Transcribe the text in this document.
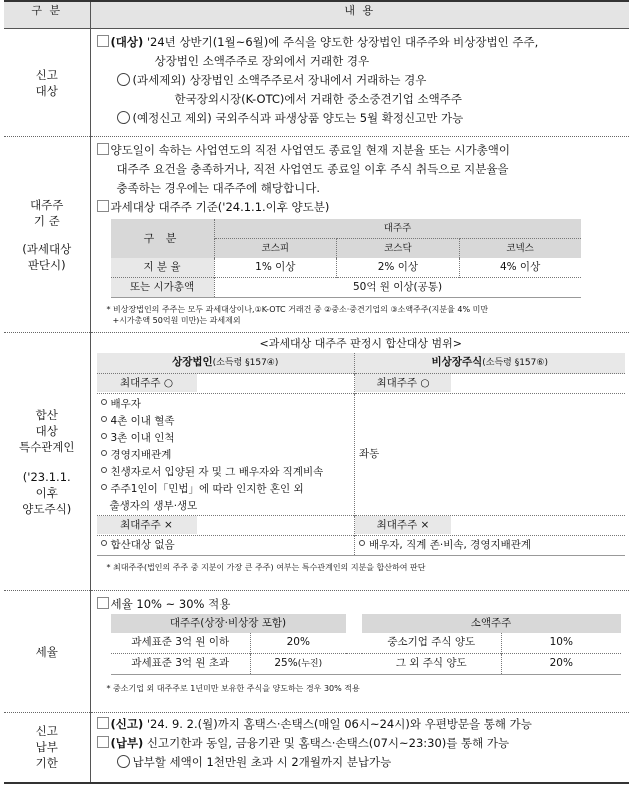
구 분	내 용

신고
대상

(대상) '24년 상반기(1월~6월)에 주식을 양도한 상장법인 대주주와 비상장법인 주주,

상장법인 소액주주로 장외에서 거래한 경우

(과세제외) 상장법인 소액주주로서 장내에서 거래하는 경우

한국장외시장(K-OTC)에서 거래한 중소중견기업 소액주주

(예정신고 제외) 국외주식과 파생상품 양도는 5월 확정신고만 가능

대주주
기 준
(과세대상
판단시)

양도일이 속하는 사업연도의 직전 사업연도 종료일 현재 지분율 또는 시가총액이

대주주 요건을 충족하거나, 직전 사업연도 종료일 이후 주식 취득으로 지분율을

충족하는 경우에는 대주주에 해당합니다.

과세대상 대주주 기준('24.1.1.이후 양도분)

구 분	대주주
코스피	코스닥	코넥스
지 분 율	1% 이상	2% 이상	4% 이상
또는 시가총액	50억 원 이상(공통)
* 비상장법인의 주주는 모두 과세대상이나,①K-OTC 거래건 중 ②중소·중견기업의 ③소액주주(지분율 4% 미만
+시가총액 50억원 미만)는 과세제외

합산
대상
특수관계인
('23.1.1.
이후
양도주식)

<과세대상 대주주 판정시 합산대상 범위>
상장법인(소득령 §157④)	비상장주식(소득령 §157⑥)
최대주주 ○	최대주주 ○

배우자
4촌 이내 혈족
3촌 이내 인척
경영지배관계
친생자로서 입양된 자 및 그 배우자와 직계비속
주주1인이「민법」에 따라 인지한 혼인 외
출생자의 생부·생모
	좌동
최대주주 ×	최대주주 ×
합산대상 없음	배우자, 직계 존·비속, 경영지배관계
* 최대주주(법인의 주주 중 지분이 가장 큰 주주) 여부는 특수관계인의 지분을 합산하여 판단

세율	

세율 10% ~ 30% 적용

대주주(상장·비상장 포함)		소액주주
과세표준 3억 원 이하	20%		중소기업 주식 양도	10%
과세표준 3억 원 초과	25%(누진)		그 외 주식 양도	20%
* 중소기업 외 대주주로 1년미만 보유한 주식을 양도하는 경우 30% 적용

신고
납부
기한

(신고) '24. 9. 2.(월)까지 홈택스·손택스(매일 06시~24시)와 우편방문을 통해 가능

(납부) 신고기한과 동일, 금융기관 및 홈택스·손택스(07시~23:30)를 통해 가능

납부할 세액이 1천만원 초과 시 2개월까지 분납가능
